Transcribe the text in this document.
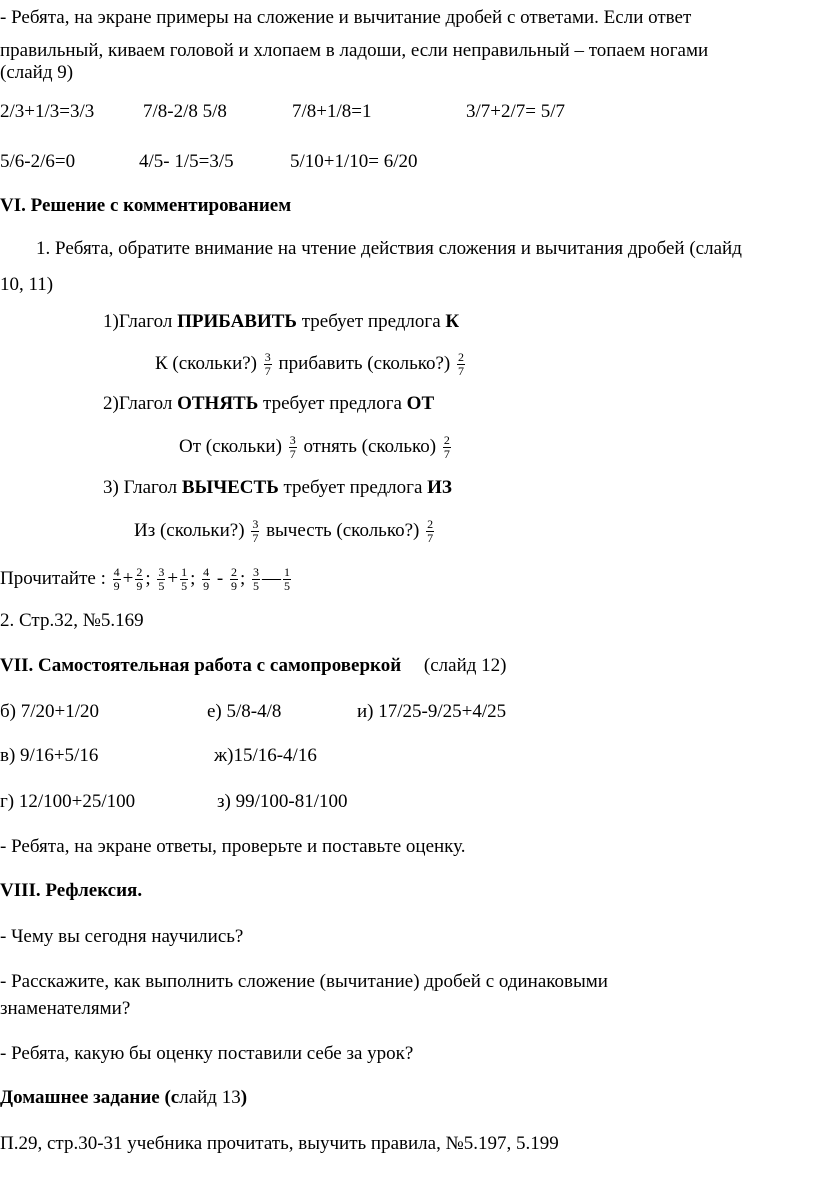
- Ребята, на экране примеры на сложение и вычитание дробей с ответами. Если ответ
правильный, киваем головой и хлопаем в ладоши, если неправильный – топаем ногами
(слайд 9)
2/3+1/3=3/3	7/8-2/8 5/8	7/8+1/8=1	3/7+2/7= 5/7
5/6-2/6=0	4/5- 1/5=3/5	5/10+1/10= 6/20
VI. Решение с комментированием
1. Ребята, обратите внимание на чтение действия сложения и вычитания дробей (слайд
10, 11)
1)Глагол ПРИБАВИТЬ требует предлога К
К (скольки?) $\frac{3}{7}$ прибавить (сколько?) $\frac{2}{7}$
2)Глагол ОТНЯТЬ требует предлога ОТ
От (скольки) $\frac{3}{7}$ отнять (сколько) $\frac{2}{7}$
3) Глагол ВЫЧЕСТЬ требует предлога ИЗ
Из (скольки?) $\frac{3}{7}$ вычесть (сколько?) $\frac{2}{7}$
Прочитайте : $\frac{4}{9} + \frac{2}{9}$ ; $\frac{3}{5} + \frac{1}{5}$ ; $\frac{4}{9} - \frac{2}{9}$ ; $\frac{3}{5}$ — $\frac{1}{5}$
2. Стр.32, №5.169
VII. Самостоятельная работа с самопроверкой (слайд 12)
б) 7/20+1/20	е) 5/8-4/8	и) 17/25-9/25+4/25
в) 9/16+5/16	ж)15/16-4/16
г) 12/100+25/100	з) 99/100-81/100
- Ребята, на экране ответы, проверьте и поставьте оценку.
VIII. Рефлексия.
- Чему вы сегодня научились?
- Расскажите, как выполнить сложение (вычитание) дробей с одинаковыми
знаменателями?
- Ребята, какую бы оценку поставили себе за урок?
Домашнее задание (слайд 13)
П.29, стр.30-31 учебника прочитать, выучить правила, №5.197, 5.199
